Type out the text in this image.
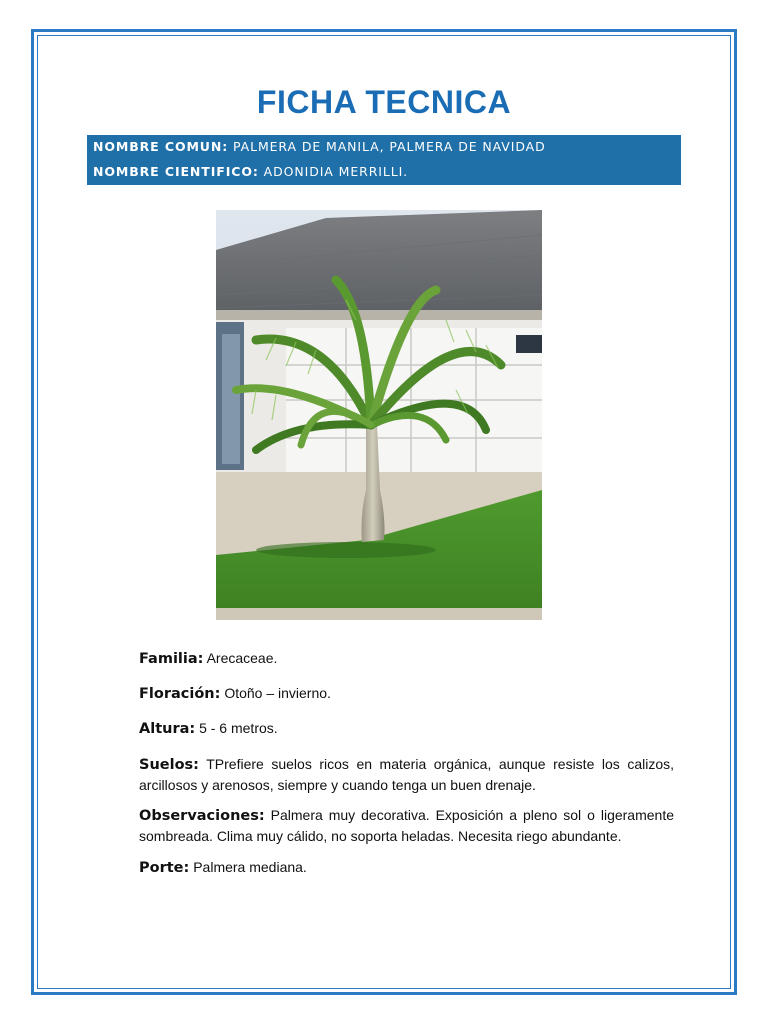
FICHA TECNICA
NOMBRE COMUN: PALMERA DE MANILA, PALMERA DE NAVIDAD
NOMBRE CIENTIFICO: ADONIDIA MERRILLI.
Familia: Arecaceae.
Floración: Otoño – invierno.
Altura: 5 - 6 metros.
Suelos: TPrefiere suelos ricos en materia orgánica, aunque resiste los calizos, arcillosos y arenosos, siempre y cuando tenga un buen drenaje.
Observaciones: Palmera muy decorativa. Exposición a pleno sol o ligeramente sombreada. Clima muy cálido, no soporta heladas. Necesita riego abundante.
Porte: Palmera mediana.
